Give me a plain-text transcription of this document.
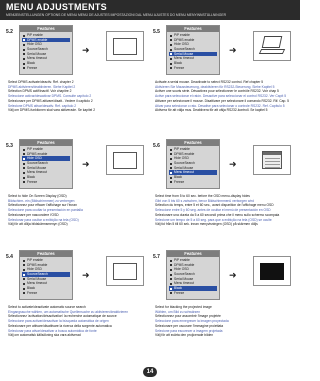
MENU ADJUSTMENTS
MENÜEINSTELLUNGEN OPTIONS DE MENU MENÚ DE AJUSTES IMPOSTAZIONI DAL MENU AJUSTES DO MENU MENYINNSTÄLLNINGER
5.2
Features
PiP enable
DPMS enable
Hide OSD
SourceSearch
Serial Mouse
Menu timeout
Black
Freeze
➜

Select DPMS activate/deactiv. Ref. chapter 2

DPMS aktivieren/deaktivieren. Siehe Kapitel 2

Sélection DPMS actif/inactif. Voir chapitre 2

Seleccione activar/desactivar DPMS. Consulte capítulo 2

Selezionare per DPMS attivare/disatt.. Vedere il capitolo 2

Selecione DPMS ativar/desativ. Ref. capítulo 2

Välj om DPMS-funktionen skal vara aktiverade. Se kapitel 2

5.5
Features
PiP enable
DPMS enable
Hide OSD
SourceSearch
Serial Mouse
Menu timeout
Black
Freeze
➜

Activate a serial mouse. Deactivate to select RS232 control. Ref chapter 5

Aktivieren Sie Maussteuerung, deaktivieren für RS232-Steuerung. Siehe Kapitel 5

Activer une souris série. Désactivez pour sélectionner le contrôle RS232. Voir chap 5

Active para seleccionar el ratón. Desactive para seleccionar el control RS232. Ver Capít 5

Attivare per selezionare il mouse. Disattivare per selezionare il comando RS232. Rif. Cap. 5

Ativar para selecionar o rato. Desative para selecionar o controle RS232. Ref. Capítulo 5

Aktivera för att välja mus. Deaktivera för att välja RS232-kontroll. Se kapitel 5

5.3
Features
PiP enable
DPMS enable
Hide OSD
SourceSearch
Serial Mouse
Menu timeout
Black
Freeze
➜

Select to hide On Screen Display (OSD)

Bildschirm- ein (Bildschirmmen) zu verbergen

Sélectionnez pour effacer l'affichage sur l'écran

Seleccione para ocultar la presentación en pantalla

Selezionare per nascondere l'OSD

Selecionar para ocultar a exibição na tela (OSD)

Välj för att dölja bildskärmsmenyn (OSD)

5.6
Features
PiP enable
DPMS enable
Hide OSD
SourceSearch
Serial Mouse
Menu timeout
Black
Freeze
➜

Select time from 5 to 60 sec. before the OSD menu-display hides

Gibt von 5 bis 60 s zwischen, bevor Bildschirmmenü verborgen wird

Sélection du temps, entre 5 et 60 sec., avant disparition de l'affichage menu OSD

Seleccione entre 5 y 60 seg. antes de ocultar el menú de presentación en OSD

Selezionare una durata da 5 a 60 secondi prima che il menu sullo schermo scompaia

Selecione um tempo de 5 a 60 seg. para que a exibição na tela (OSD) se oculte

Välj tid från 5 till 60 sek. innan menyvisningen (OSD) på skärmen döljs

5.4
Features
PiP enable
DPMS enable
Hide OSD
SourceSearch
Serial Mouse
Menu timeout
Black
Freeze
➜

Select to activate/deactivate automatic source search

Eingangssuche wählen, um automatische Quellensuche zu aktivieren/deaktivieren

Sélectionnez 'activation/désactivation' la recherche automatique de source

Seleccione para activar/desactivar la búsqueda automática de origen

Selezionare per attivare/disattivare la ricerca della sorgente automatica

Selecionar para ativar/desativar a busca automática de fonte

Välj om automatisk källsökning ska vara aktiverad

5.7
Features
PiP enable
DPMS enable
Hide OSD
SourceSearch
Serial Mouse
Menu timeout
Black
Freeze
➜

Select for blacking the projected image

Wählen, um Bild zu schwärzen

Sélectionnez pour assombrir l'image projetée

Seleccione para ennegrecer la imagen proyectada

Selezionare per oscurare l'immagine proiettata

Selecione para escurecer a imagem projetada

Välj för att svärta den projicerade bilden

14
